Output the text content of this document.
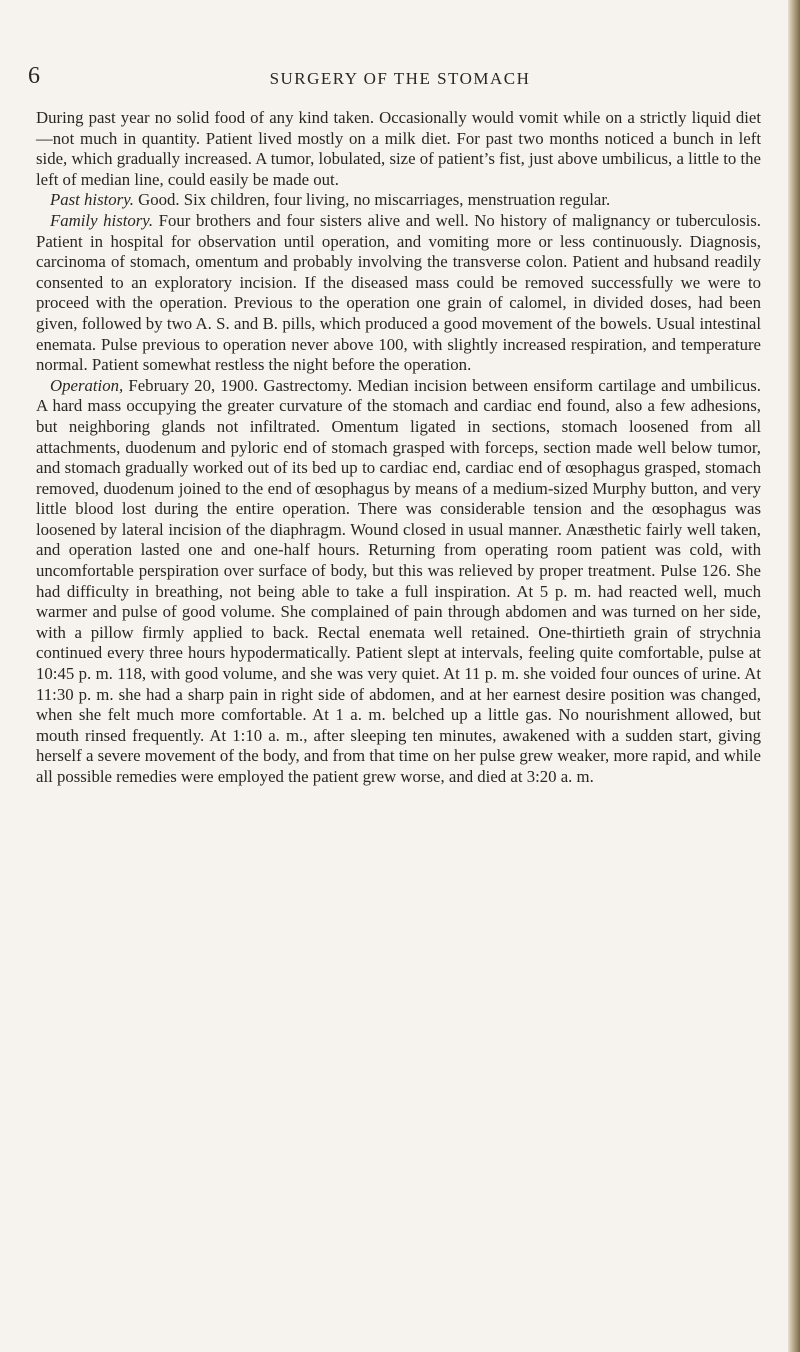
6	SURGERY OF THE STOMACH

During past year no solid food of any kind taken. Occasionally would vomit while on a strictly liquid diet—not much in quantity. Patient lived mostly on a milk diet. For past two months noticed a bunch in left side, which gradually increased. A tumor, lobulated, size of patient’s fist, just above umbilicus, a little to the left of median line, could easily be made out.

Past history. Good. Six children, four living, no miscarriages, menstruation regular.

Family history. Four brothers and four sisters alive and well. No history of malignancy or tuberculosis. Patient in hospital for observation until operation, and vomiting more or less continuously. Diagnosis, carcinoma of stomach, omentum and probably involving the transverse colon. Patient and hubsand readily consented to an exploratory incision. If the diseased mass could be removed successfully we were to proceed with the operation. Previous to the operation one grain of calomel, in divided doses, had been given, followed by two A. S. and B. pills, which produced a good movement of the bowels. Usual intestinal enemata. Pulse previous to operation never above 100, with slightly increased respiration, and temperature normal. Patient somewhat restless the night before the operation.

Operation, February 20, 1900. Gastrectomy. Median incision between ensiform cartilage and umbilicus. A hard mass occupying the greater curvature of the stomach and cardiac end found, also a few adhesions, but neighboring glands not infiltrated. Omentum ligated in sections, stomach loosened from all attachments, duodenum and pyloric end of stomach grasped with forceps, section made well below tumor, and stomach gradually worked out of its bed up to cardiac end, cardiac end of œsophagus grasped, stomach removed, duodenum joined to the end of œsophagus by means of a medium-sized Murphy button, and very little blood lost during the entire operation. There was considerable tension and the œsophagus was loosened by lateral incision of the diaphragm. Wound closed in usual manner. Anæsthetic fairly well taken, and operation lasted one and one-half hours. Returning from operating room patient was cold, with uncomfortable perspiration over surface of body, but this was relieved by proper treatment. Pulse 126. She had difficulty in breathing, not being able to take a full inspiration. At 5 p. m. had reacted well, much warmer and pulse of good volume. She complained of pain through abdomen and was turned on her side, with a pillow firmly applied to back. Rectal enemata well retained. One-thirtieth grain of strychnia continued every three hours hypodermatically. Patient slept at intervals, feeling quite comfortable, pulse at 10:45 p. m. 118, with good volume, and she was very quiet. At 11 p. m. she voided four ounces of urine. At 11:30 p. m. she had a sharp pain in right side of abdomen, and at her earnest desire position was changed, when she felt much more comfortable. At 1 a. m. belched up a little gas. No nourishment allowed, but mouth rinsed frequently. At 1:10 a. m., after sleeping ten minutes, awakened with a sudden start, giving herself a severe movement of the body, and from that time on her pulse grew weaker, more rapid, and while all possible remedies were employed the patient grew worse, and died at 3:20 a. m.
